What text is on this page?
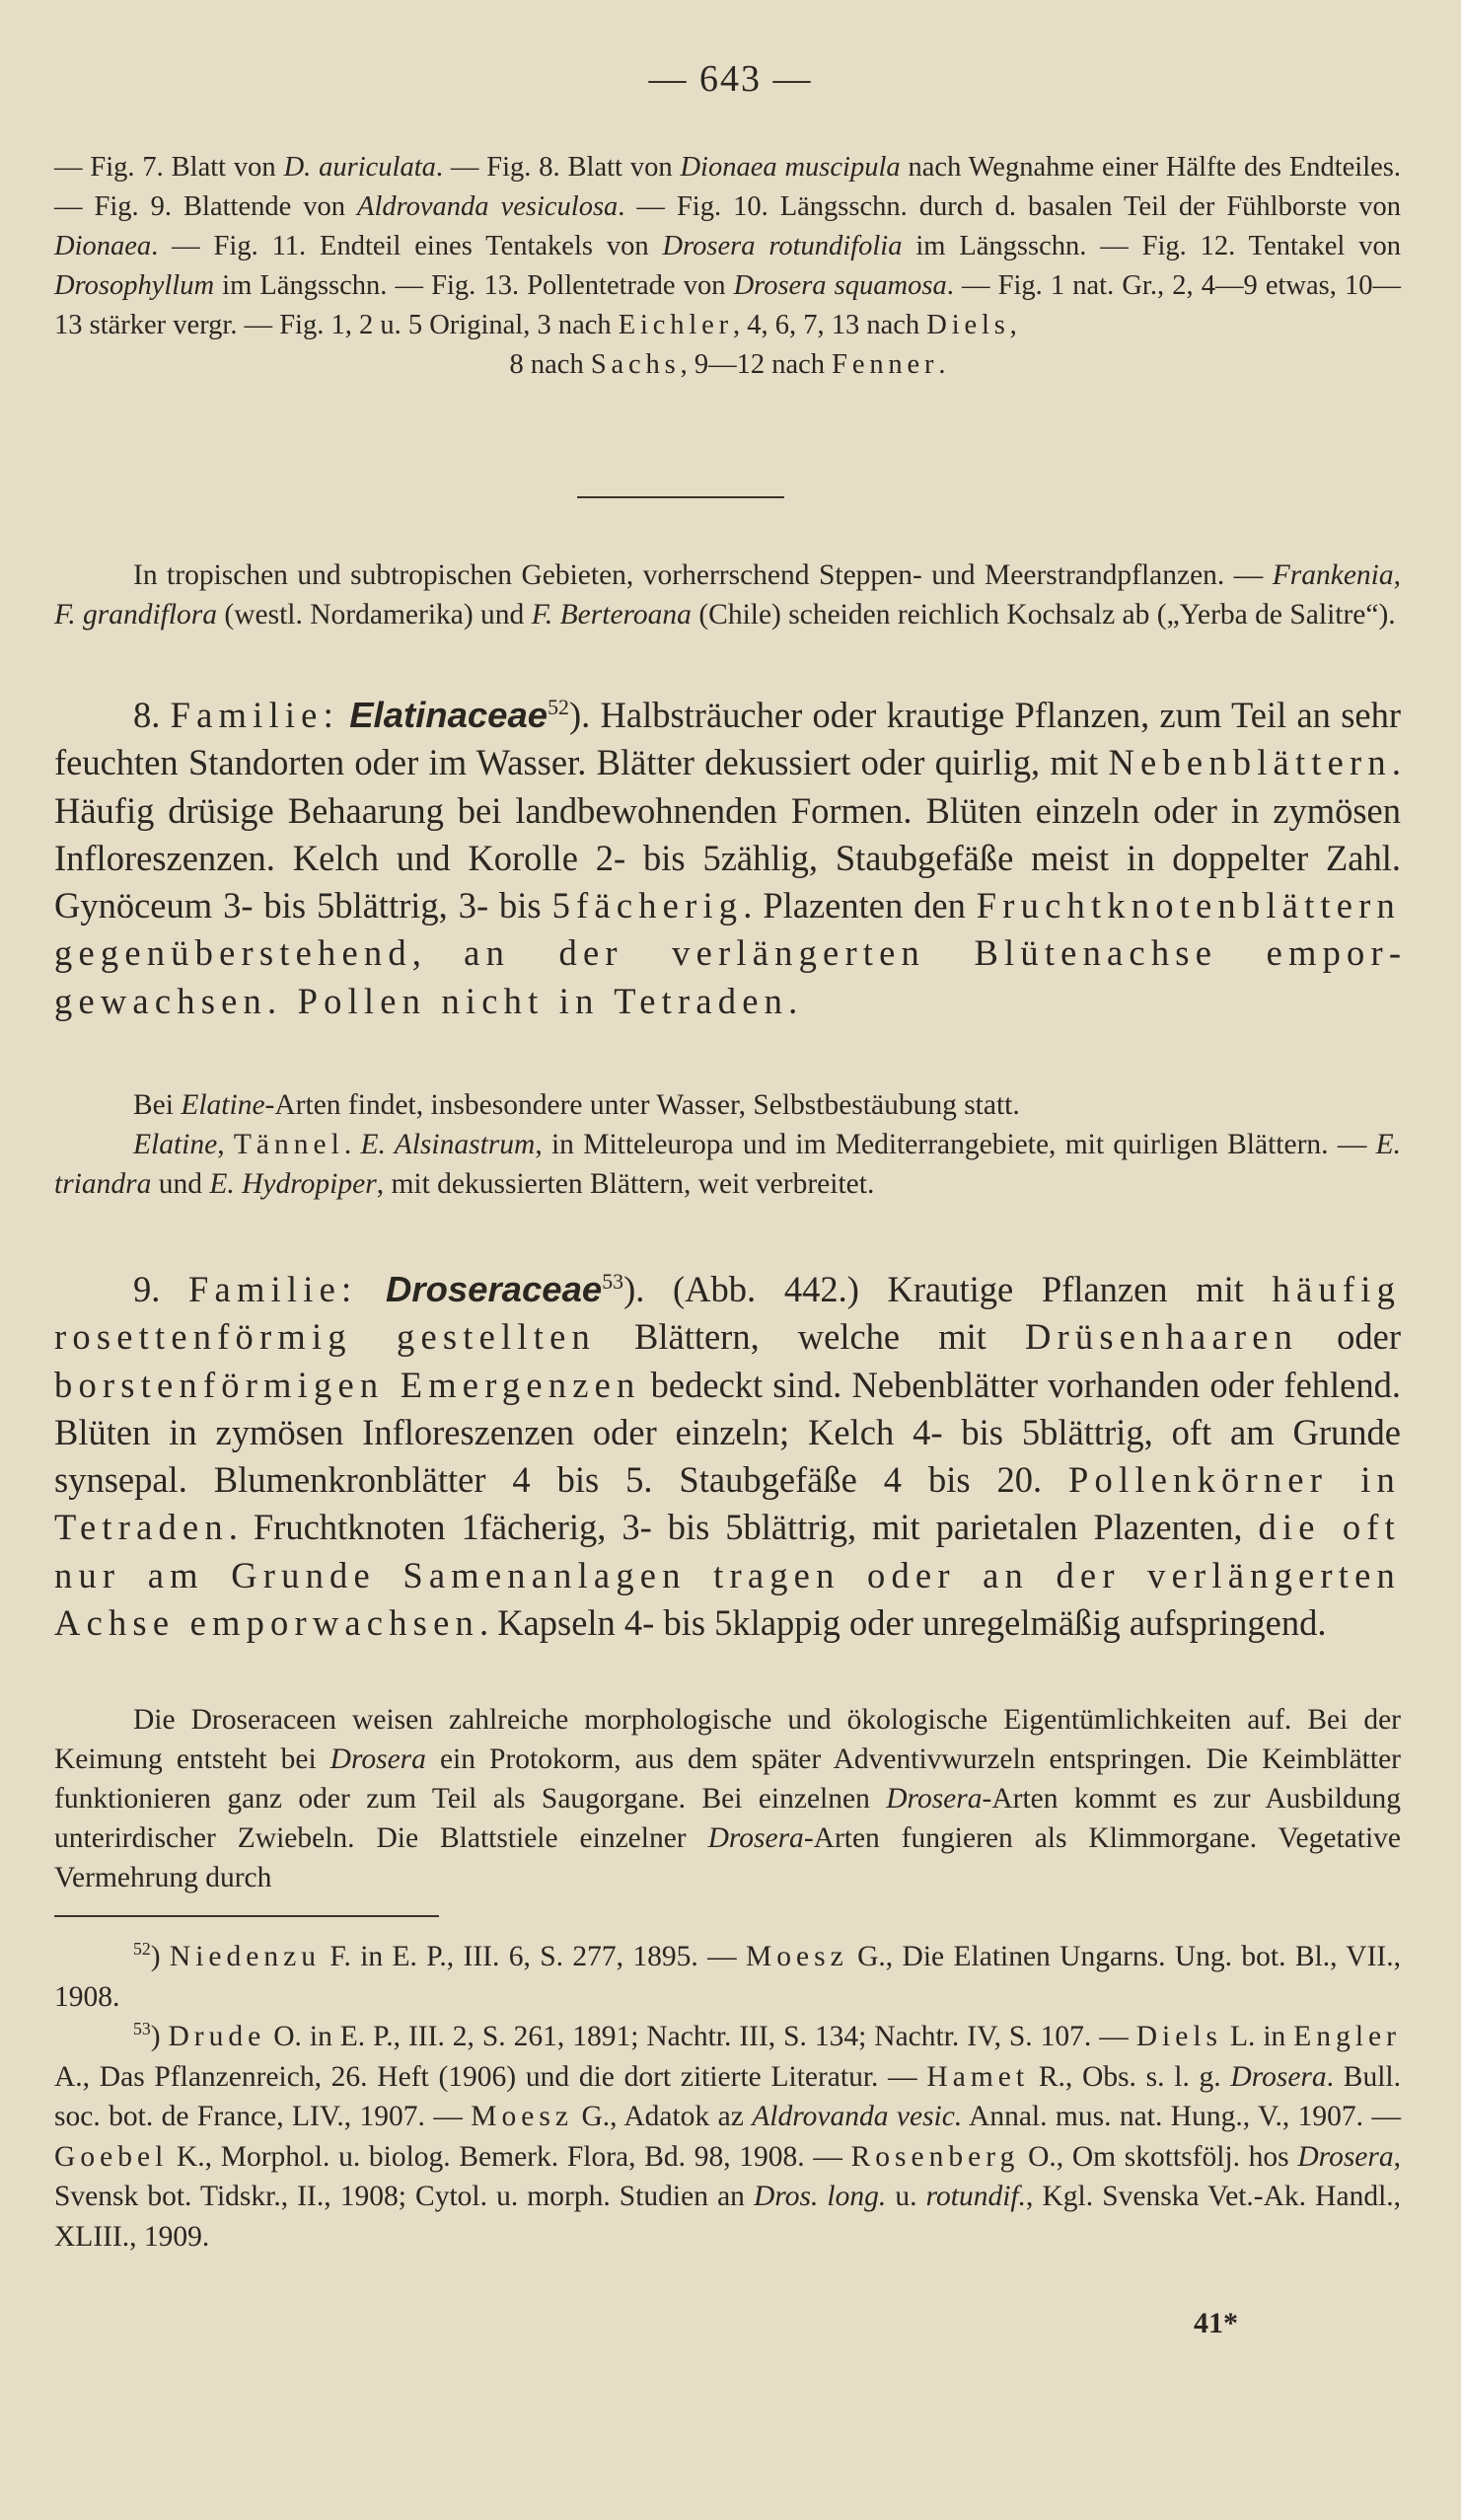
— 643 —
— Fig. 7. Blatt von D. auriculata. — Fig. 8. Blatt von Dionaea muscipula nach Wegnahme einer Hälfte des Endteiles. — Fig. 9. Blattende von Aldrovanda vesiculosa. — Fig. 10. Längsschn. durch d. basalen Teil der Fühlborste von Dionaea. — Fig. 11. Endteil eines Tentakels von Drosera rotundifolia im Längsschn. — Fig. 12. Tentakel von Drosophyllum im Längsschn. — Fig. 13. Pollentetrade von Drosera squamosa. — Fig. 1 nat. Gr., 2, 4—9 etwas, 10—13 stärker vergr. — Fig. 1, 2 u. 5 Original, 3 nach Eichler, 4, 6, 7, 13 nach Diels,
8 nach Sachs, 9—12 nach Fenner.

In tropischen und subtropischen Gebieten, vorherrschend Steppen- und Meerstrandpflanzen. — Frankenia, F. grandiflora (westl. Nordamerika) und F. Berteroana (Chile) scheiden reichlich Kochsalz ab („Yerba de Salitre“).

8. Familie: Elatinaceae$^{52}$). Halbsträucher oder krautige Pflanzen, zum Teil an sehr feuchten Standorten oder im Wasser. Blätter dekussiert oder quirlig, mit Nebenblättern. Häufig drüsige Behaarung bei landbewohnenden Formen. Blüten einzeln oder in zymösen Infloreszenzen. Kelch und Korolle 2- bis 5zählig, Staubgefäße meist in doppelter Zahl. Gynöceum 3- bis 5blättrig, 3- bis 5fächerig. Plazenten den Fruchtknotenblättern gegenüberstehend, an der verlängerten Blütenachse emporgewachsen. Pollen nicht in Tetraden.

Bei Elatine-Arten findet, insbesondere unter Wasser, Selbstbestäubung statt.

Elatine, Tännel. E. Alsinastrum, in Mitteleuropa und im Mediterrangebiete, mit quirligen Blättern. — E. triandra und E. Hydropiper, mit dekussierten Blättern, weit verbreitet.

9. Familie: Droseraceae$^{53}$). (Abb. 442.) Krautige Pflanzen mit häufig rosettenförmig gestellten Blättern, welche mit Drüsenhaaren oder borstenförmigen Emergenzen bedeckt sind. Nebenblätter vorhanden oder fehlend. Blüten in zymösen Infloreszenzen oder einzeln; Kelch 4- bis 5blättrig, oft am Grunde synsepal. Blumenkronblätter 4 bis 5. Staubgefäße 4 bis 20. Pollenkörner in Tetraden. Fruchtknoten 1fächerig, 3- bis 5blättrig, mit parietalen Plazenten, die oft nur am Grunde Samenanlagen tragen oder an der verlängerten Achse emporwachsen. Kapseln 4- bis 5klappig oder unregelmäßig aufspringend.

Die Droseraceen weisen zahlreiche morphologische und ökologische Eigentümlichkeiten auf. Bei der Keimung entsteht bei Drosera ein Protokorm, aus dem später Adventivwurzeln entspringen. Die Keimblätter funktionieren ganz oder zum Teil als Saugorgane. Bei einzelnen Drosera-Arten kommt es zur Ausbildung unterirdischer Zwiebeln. Die Blattstiele einzelner Drosera-Arten fungieren als Klimmorgane. Vegetative Vermehrung durch

$^{52}$) Niedenzu F. in E. P., III. 6, S. 277, 1895. — Moesz G., Die Elatinen Ungarns. Ung. bot. Bl., VII., 1908.

$^{53}$) Drude O. in E. P., III. 2, S. 261, 1891; Nachtr. III, S. 134; Nachtr. IV, S. 107. — Diels L. in Engler A., Das Pflanzenreich, 26. Heft (1906) und die dort zitierte Literatur. — Hamet R., Obs. s. l. g. Drosera. Bull. soc. bot. de France, LIV., 1907. — Moesz G., Adatok az Aldrovanda vesic. Annal. mus. nat. Hung., V., 1907. — Goebel K., Morphol. u. biolog. Bemerk. Flora, Bd. 98, 1908. — Rosenberg O., Om skottsfölj. hos Drosera, Svensk bot. Tidskr., II., 1908; Cytol. u. morph. Studien an Dros. long. u. rotundif., Kgl. Svenska Vet.-Ak. Handl., XLIII., 1909.

41*
